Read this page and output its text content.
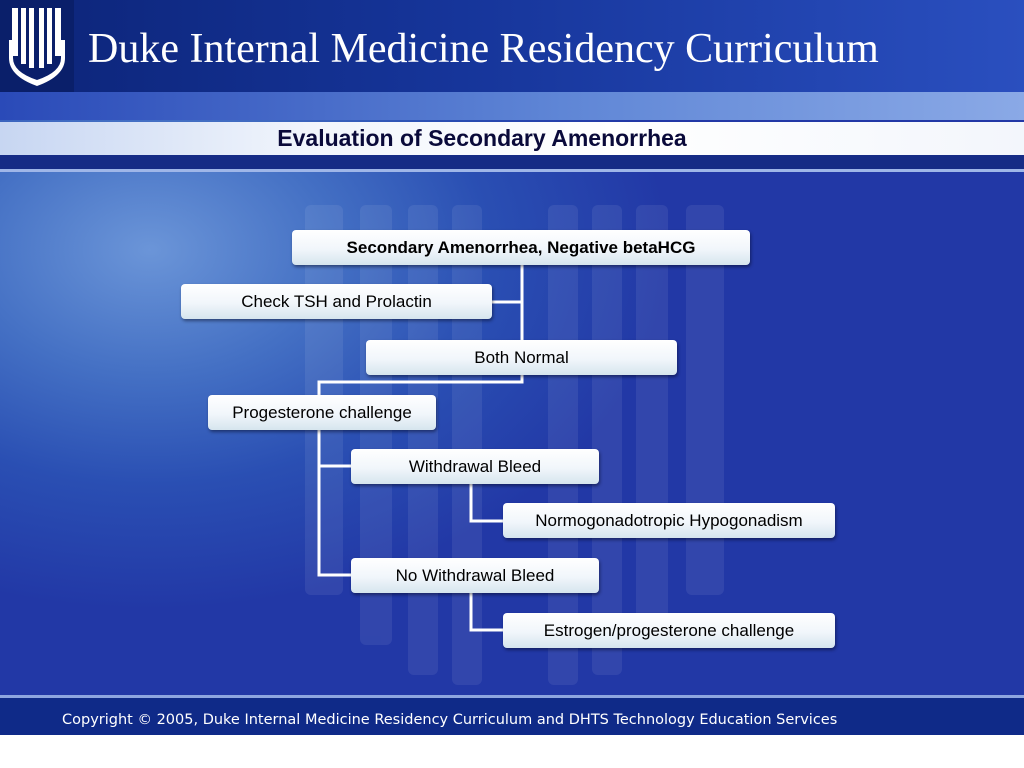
Duke Internal Medicine Residency Curriculum
Evaluation of Secondary Amenorrhea
Secondary Amenorrhea, Negative betaHCG
Check TSH and Prolactin
Both Normal
Progesterone challenge
Withdrawal Bleed
Normogonadotropic Hypogonadism
No Withdrawal Bleed
Estrogen/progesterone challenge
Copyright © 2005, Duke Internal Medicine Residency Curriculum and DHTS Technology Education Services
